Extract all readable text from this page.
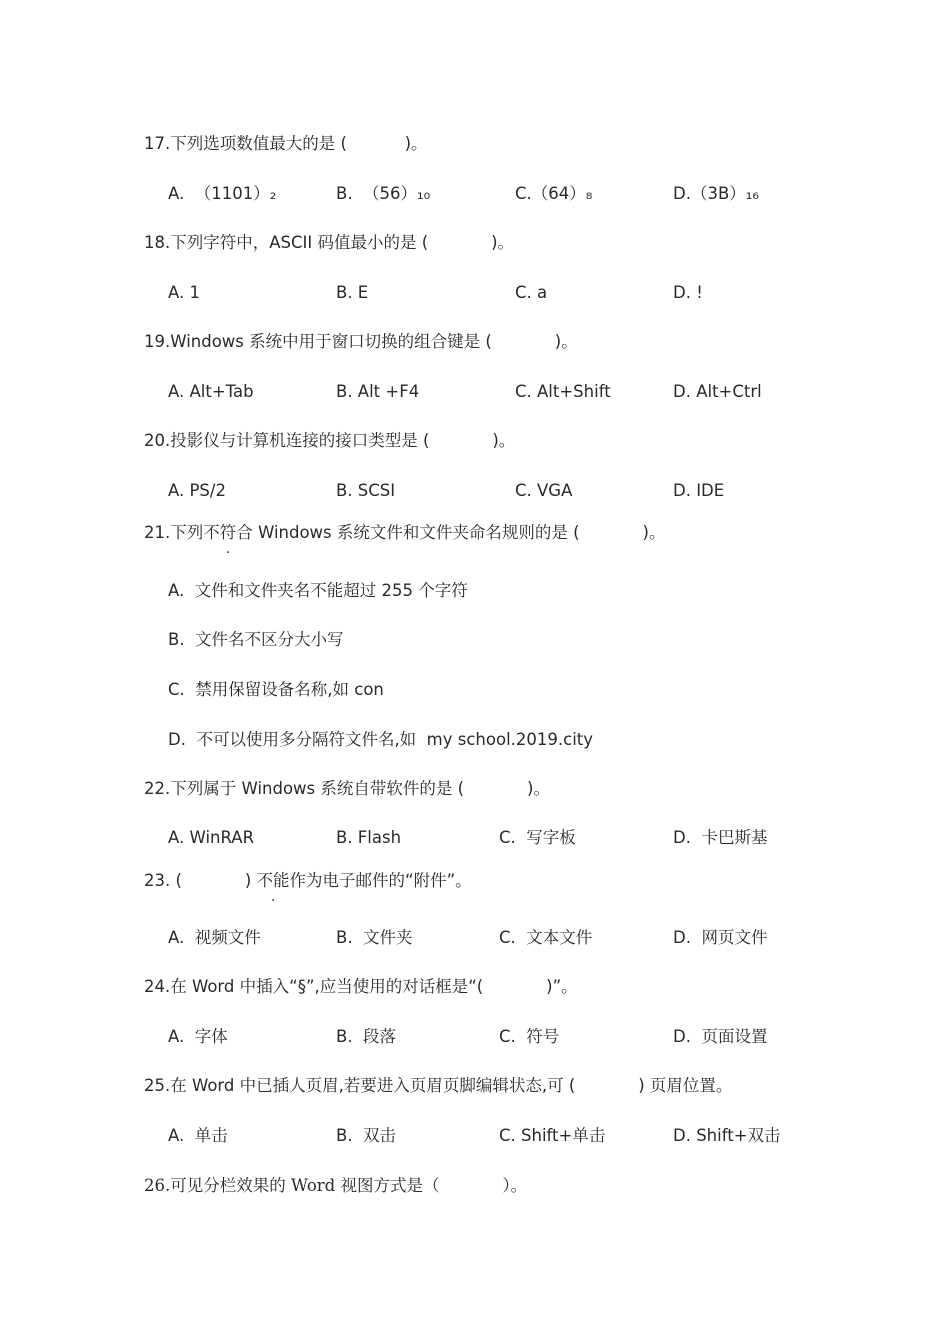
17.下列选项数值最大的是 (           )。

A.  （1101）₂	B.  （56）₁₀	C.（64）₈	D.（3B）₁₆

18.下列字符中，ASCII 码值最小的是 (            )。

A. 1	B. E	C. a	D. !

19.Windows 系统中用于窗口切换的组合键是 (            )。

A. Alt+Tab	B. Alt +F4	C. Alt+Shift	D. Alt+Ctrl

20.投影仪与计算机连接的接口类型是 (            )。

A. PS/2	B. SCSI	C. VGA	D. IDE

21.下列不符合 Windows 系统文件和文件夹命名规则的是 (            )。

A.  文件和文件夹名不能超过 255 个字符

B.  文件名不区分大小写

C.  禁用保留设备名称,如 con

D.  不可以使用多分隔符文件名,如  my school.2019.city

22.下列属于 Windows 系统自带软件的是 (            )。

A. WinRAR	B. Flash	C.  写字板	D.  卡巴斯基

23. (            ) 不能作为电子邮件的“附件”。

A.  视频文件	B.  文件夹	C.  文本文件	D.  网页文件

24.在 Word 中插入“§”,应当使用的对话框是“(            )”。

A.  字体	B.  段落	C.  符号	D.  页面设置

25.在 Word 中已插人页眉,若要进入页眉页脚编辑状态,可 (            ) 页眉位置。

A.  单击	B.  双击	C. Shift+单击	D. Shift+双击

26.可见分栏效果的 Word 视图方式是（            ）。
